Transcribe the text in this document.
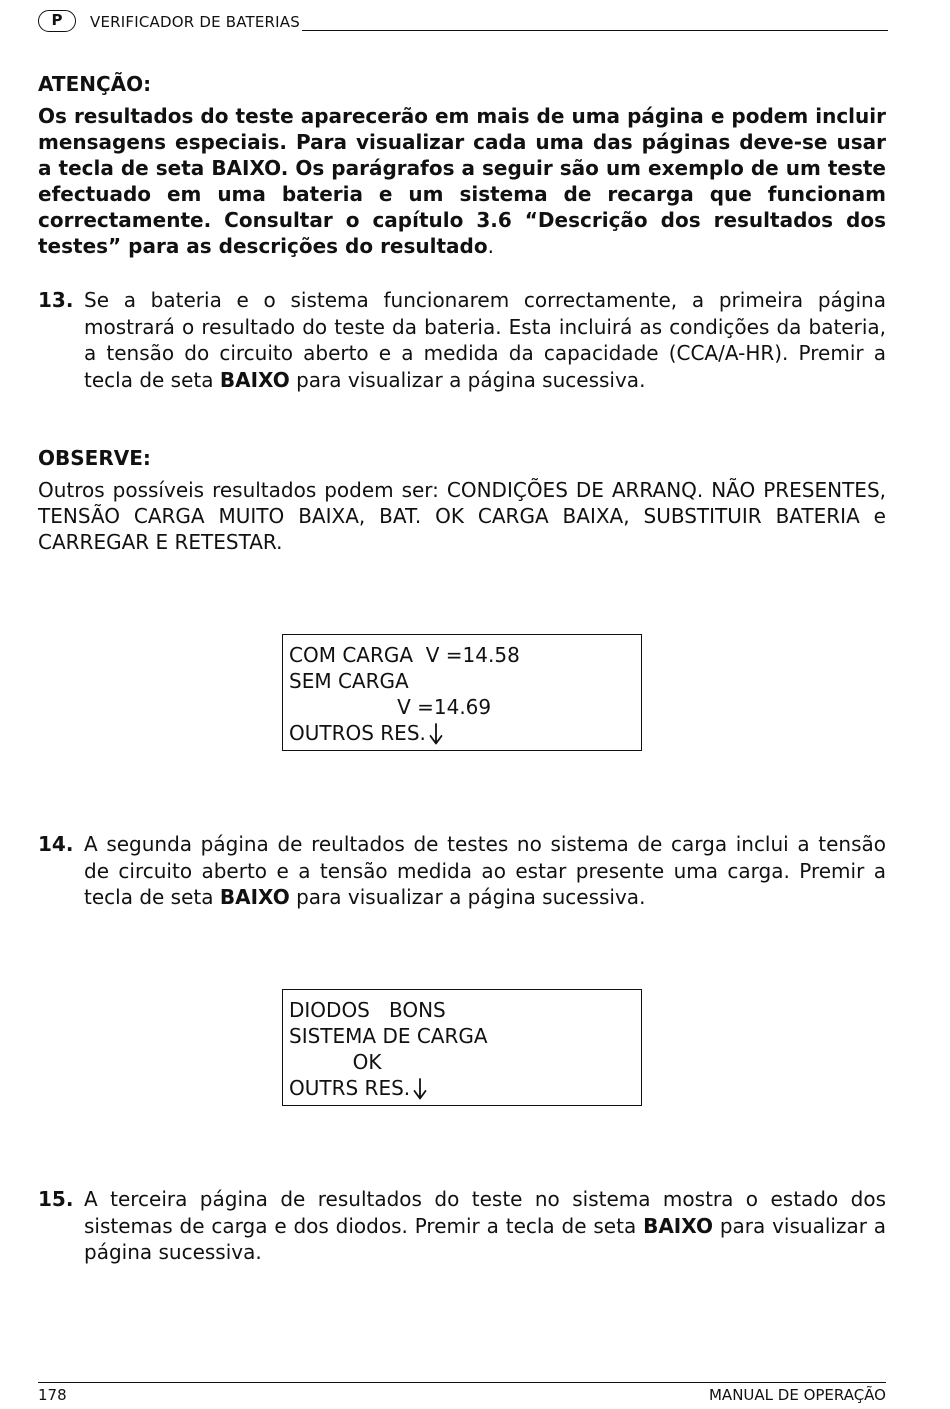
P	VERIFICADOR DE BATERIAS
ATENÇÃO:
Os resultados do teste aparecerão em mais de uma página e podem incluir mensagens especiais. Para visualizar cada uma das páginas deve-se usar a tecla de seta BAIXO. Os parágrafos a seguir são um exemplo de um teste efectuado em uma bateria e um sistema de recarga que funcionam correctamente. Consultar o capítulo 3.6 “Descrição dos resultados dos testes” para as descrições do resultado.
13. Se a bateria e o sistema funcionarem correctamente, a primeira página mostrará o resultado do teste da bateria. Esta incluirá as condições da bateria, a tensão do circuito aberto e a medida da capacidade (CCA/A-HR). Premir a tecla de seta BAIXO para visualizar a página sucessiva.
OBSERVE:
Outros possíveis resultados podem ser: CONDIÇÕES DE ARRANQ. NÃO PRESENTES, TENSÃO CARGA MUITO BAIXA, BAT. OK CARGA BAIXA, SUBSTITUIR BATERIA e CARREGAR E RETESTAR.
COM CARGA  V =14.58
SEM CARGA
V =14.69
OUTROS RES.
14. A segunda página de reultados de testes no sistema de carga inclui a tensão de circuito aberto e a tensão medida ao estar presente uma carga. Premir a tecla de seta BAIXO para visualizar a página sucessiva.
DIODOS   BONS
SISTEMA DE CARGA
OK
OUTRS RES.
15. A terceira página de resultados do teste no sistema mostra o estado dos sistemas de carga e dos diodos. Premir a tecla de seta BAIXO para visualizar a página sucessiva.
178	MANUAL DE OPERAÇÃO
